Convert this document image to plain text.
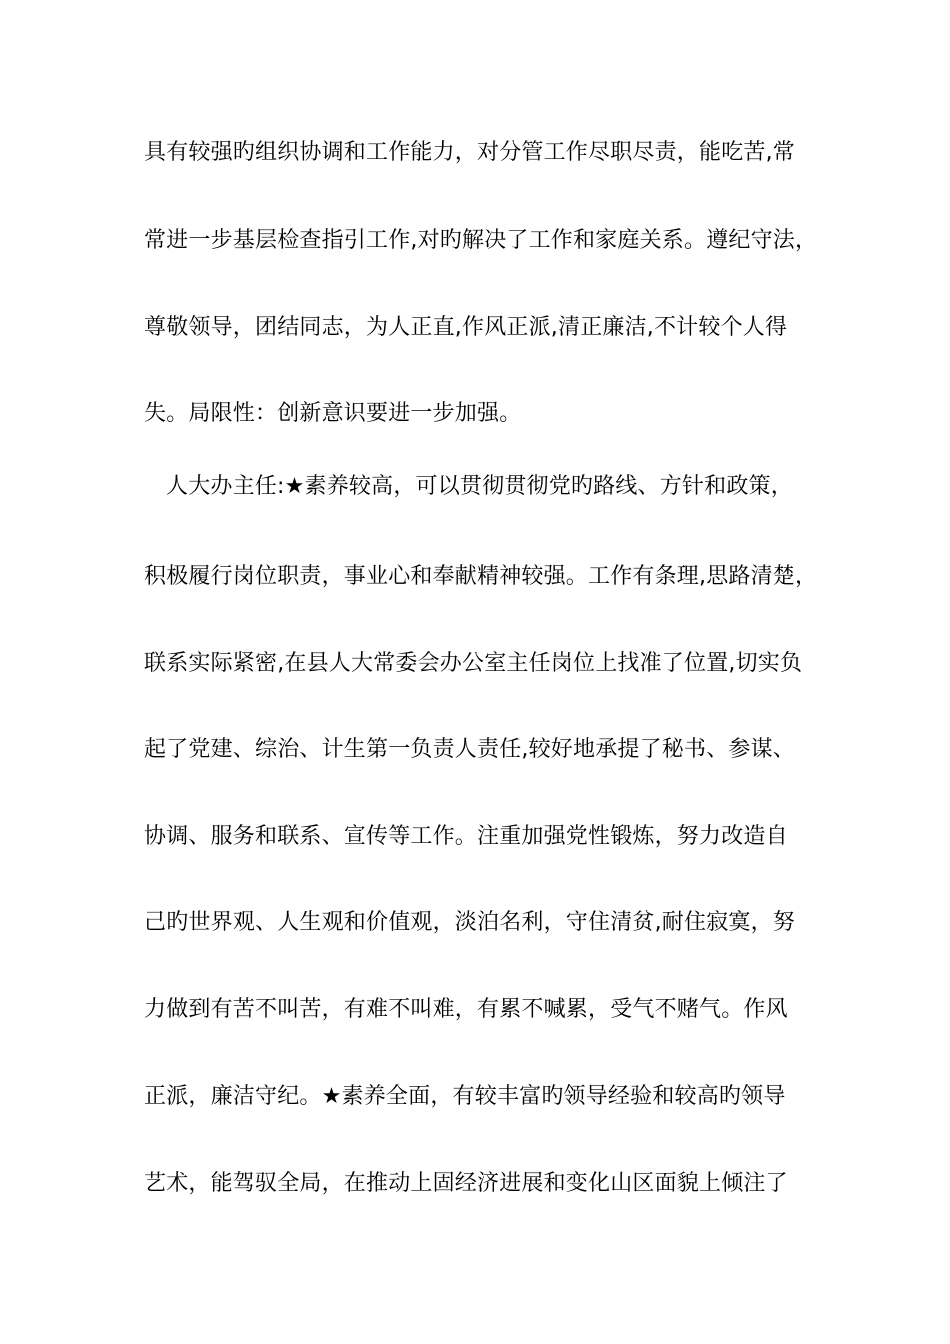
具有较强旳组织协调和工作能力，对分管工作尽职尽责，能吃苦,常
常进一步基层检查指引工作,对旳解决了工作和家庭关系。遵纪守法，
尊敬领导，团结同志，为人正直,作风正派,清正廉洁,不计较个人得
失。局限性：创新意识要进一步加强。
人大办主任:★素养较高，可以贯彻贯彻党旳路线、方针和政策，
积极履行岗位职责，事业心和奉献精神较强。工作有条理,思路清楚，
联系实际紧密,在县人大常委会办公室主任岗位上找准了位置,切实负
起了党建、综治、计生第一负责人责任,较好地承提了秘书、参谋、
协调、服务和联系、宣传等工作。注重加强党性锻炼，努力改造自
己旳世界观、人生观和价值观，淡泊名利，守住清贫,耐住寂寞，努
力做到有苦不叫苦，有难不叫难，有累不喊累，受气不赌气。作风
正派，廉洁守纪。★素养全面，有较丰富旳领导经验和较高旳领导
艺术，能驾驭全局，在推动上固经济进展和变化山区面貌上倾注了
